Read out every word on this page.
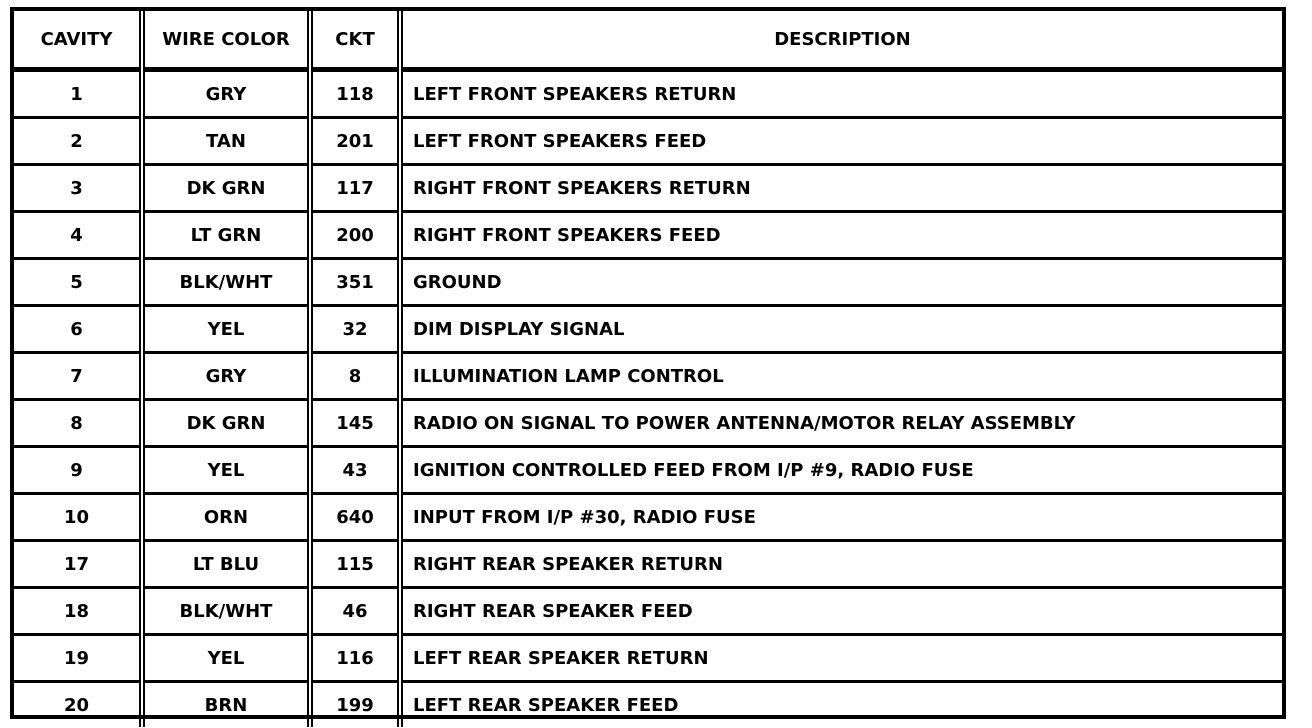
CAVITY	WIRE COLOR	CKT	DESCRIPTION
1	GRY	118	LEFT FRONT SPEAKERS RETURN
2	TAN	201	LEFT FRONT SPEAKERS FEED
3	DK GRN	117	RIGHT FRONT SPEAKERS RETURN
4	LT GRN	200	RIGHT FRONT SPEAKERS FEED
5	BLK/WHT	351	GROUND
6	YEL	32	DIM DISPLAY SIGNAL
7	GRY	8	ILLUMINATION LAMP CONTROL
8	DK GRN	145	RADIO ON SIGNAL TO POWER ANTENNA/MOTOR RELAY ASSEMBLY
9	YEL	43	IGNITION CONTROLLED FEED FROM I/P #9, RADIO FUSE
10	ORN	640	INPUT FROM I/P #30, RADIO FUSE
17	LT BLU	115	RIGHT REAR SPEAKER RETURN
18	BLK/WHT	46	RIGHT REAR SPEAKER FEED
19	YEL	116	LEFT REAR SPEAKER RETURN
20	BRN	199	LEFT REAR SPEAKER FEED
